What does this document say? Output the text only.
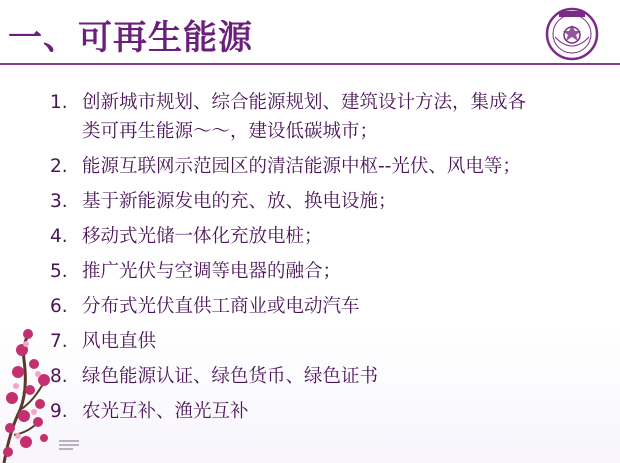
一、可再生能源
1. 创新城市规划、综合能源规划、建筑设计方法，集成各
类可再生能源～～，建设低碳城市；
2. 能源互联网示范园区的清洁能源中枢--光伏、风电等；
3. 基于新能源发电的充、放、换电设施；
4. 移动式光储一体化充放电桩；
5. 推广光伏与空调等电器的融合；
6. 分布式光伏直供工商业或电动汽车
7. 风电直供
8. 绿色能源认证、绿色货币、绿色证书
9. 农光互补、渔光互补
